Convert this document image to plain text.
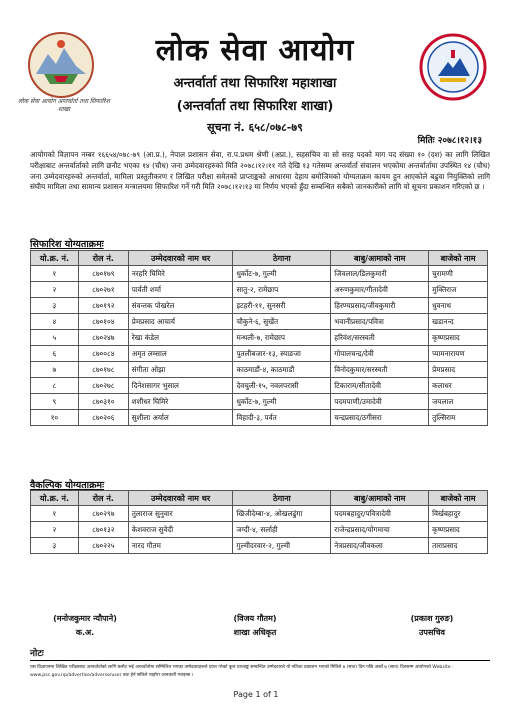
लोक सेवा आयोग अन्तर्वार्ता तथा सिफारिश शाखा
लोक सेवा आयोग
अन्तर्वार्ता तथा सिफारिश महाशाखा
(अन्तर्वार्ता तथा सिफारिश शाखा)
सूचना नं. ६५८/०७८-७९
मितिः २०७८।१२।१३
आयोगको विज्ञापन नम्बर १६६५४/०७८-७९ (आ.प्र.), नेपाल प्रशासन सेवा, रा.प.प्रथम श्रेणी (अप्रा.), सहसचिव वा सो सरह पदको माग पद संख्या १० (दश) का लागि लिखित परीक्षाबाट अन्तर्वार्ताको लागि छनौट भएका १४ (चौध) जना उम्मेदवारहरुको मिति २०७८।१२।११ गते देखि १३ गतेसम्म अन्तर्वार्ता संचालन भएकोमा अन्तर्वार्तामा उपस्थित १४ (चौध) जना उम्मेदवारहरुको अन्तर्वार्ता, मामिला प्रस्तुतीकरण र लिखित परीक्षा समेतको प्राप्ताङ्कको आधारमा देहाय बमोजिमको योग्यताक्रम कायम हुन आएकोले बढुवा नियुक्तिको लागि संघीय मामिला तथा सामान्य प्रशासन मन्त्रालयमा सिफारिश गर्ने गरी मिति २०७८।१२।१३ मा निर्णय भएकाे हुँदा सम्बन्धित सबैको जानकारीको लागि यो सूचना प्रकाशन गरिएको छ ।
सिफारिश योग्यताक्रमः
यो.क्र. नं.	रोल नं.	उम्मेदवारको नाम थर	ठेगाना	बाबु/आमाको नाम	बाजेको नाम
१	८७०१७९	नरहरि घिमिरे	धुर्कोट-७, गुल्मी	जिवलाल/डिलकुमारी	चुरामणी
२	८७०२७१	पार्वती शर्मा	सातु-२, रामेछाप	अरुणकुमार/गीतादेवी	मुक्तिराज
३	८७०१९२	संवन्तक पोखरेल	इटहरी-११, सुनसरी	हिरण्यप्रसाद/जीवकुमारी	धुवनाथ
४	८७०१०४	प्रेमप्रसाद आचार्य	चौकुने-६, सुर्खेत	भवानीप्रसाद/पवित्रा	खडानन्द
५	८७०२४७	रेखा कंडेल	मन्थली-७, रामेछाप	हरिवंश/सरस्वती	कृष्णप्रसाद
६	८७००८४	अमृत लम्साल	पुतलीबजार-१३, स्याङजा	गोपालचन्द्र/देवी	प्यामनारायण
७	८७०१७८	संगीता ओझा	काठमाडौं-४, काठमाडौं	विनोदकुमार/सरस्वती	प्रेमप्रसाद
८	८७०२७८	दिनेशसागर भुसाल	देवचुली-१५, नवलपरासी	टिकाराम/सीतादेवी	कलाधर
९	८७०३१०	शशीधर घिमिरे	धुर्कोट-७, गुल्मी	पदमपाणी/उमादेवी	जयलाल
१०	८७०२०६	सुशीला अर्याल	विहादी-३, पर्वत	चन्द्रप्रसाद/ठगीसरा	तुल्सिराम
वैकल्पिक योग्यताक्रमः
यो.क्र. नं.	रोल नं.	उम्मेदवारको नाम थर	ठेगाना	बाबु/आमाको नाम	बाजेको नाम
१	८७०२९७	तुलाराज सुनुवार	खिजीदेम्बा-४, ओखलढुंगा	पदमबहादुर/पवित्रादेवी	विर्खबहादुर
२	८७०१३२	केशवराज सुवेदी	जग्दी-४, सर्लाही	राजेन्द्रप्रसाद/योगमाया	कृष्णप्रसाद
३	८७०२२५	नारद गौतम	गुल्मीदरवार-२, गुल्मी	नेत्रप्रसाद/जीवकला	ताराप्रसाद
(मनोजकुमार न्यौपाने)
क.अ.
(विजय गौतम)
शाखा अधिकृत
(प्रकाश गुरुङ)
उपसचिव
नोटः
यस विज्ञापनमा लिखित परीक्षाबाट अन्तर्वार्ताको लागि छनौट भई अन्तर्वार्तामा सम्मिलित भएका उम्मेदवारहरुले प्राप्त गरेको कूल प्राप्ताङ्क सम्बन्धित उम्मेदवारले यो नतिजा प्रकाशन भएको मितिले ७ (सात) दिन पछि अर्को ७ (सात) दिनसम्म आयोगको Website : www.psc.gov.np/advertise/adverse/user बाट हेर्न सकिने व्यहोरा जानकारी गराइन्छ ।
Page 1 of 1
